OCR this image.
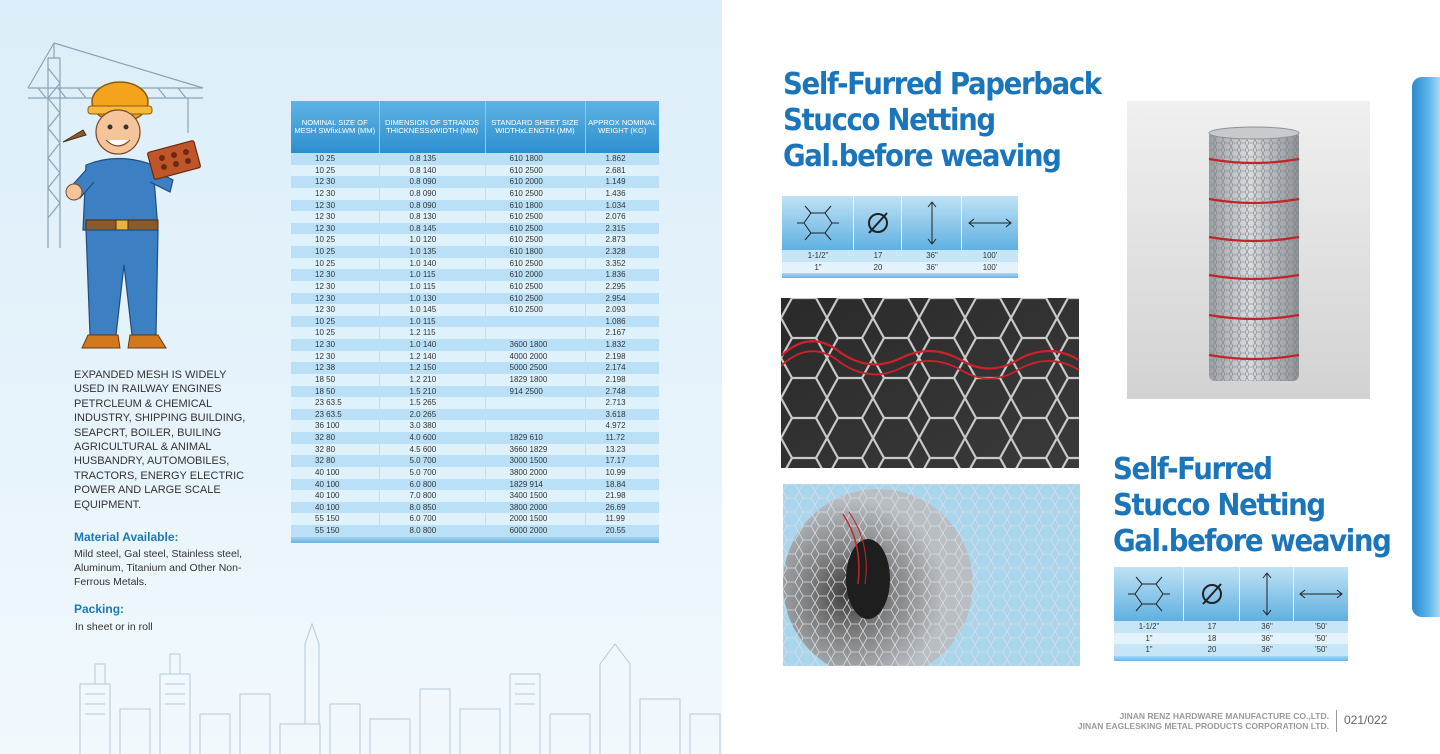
EXPANDED MESH IS WIDELY USED IN RAILWAY ENGINES PETRCLEUM & CHEMICAL INDUSTRY, SHIPPING BUILDING, SEAPCRT, BOILER, BUILING AGRICULTURAL & ANIMAL HUSBANDRY, AUTOMOBILES, TRACTORS, ENERGY ELECTRIC POWER AND LARGE SCALE EQUIPMENT.
Material Available:
Mild steel, Gal steel, Stainless steel, Aluminum, Titanium and Other Non-Ferrous Metals.
Packing:
In sheet or in roll
NOMINAL SIZE OF MESH SWfixLWM (MM)	DIMENSION OF STRANDS THICKNESSxWIDTH (MM)	STANDARD SHEET SIZE WIDTHxLENGTH (MM)	APPROX NOMINAL WEIGHT (KG)
10 25	0.8 135	610 1800	1.862
10 25	0.8 140	610 2500	2.681
12 30	0.8 090	610 2000	1.149
12 30	0.8 090	610 2500	1.436
12 30	0.8 090	610 1800	1.034
12 30	0.8 130	610 2500	2.076
12 30	0.8 145	610 2500	2.315
10 25	1.0 120	610 2500	2.873
10 25	1.0 135	610 1800	2.328
10 25	1.0 140	610 2500	3.352
12 30	1.0 115	610 2000	1.836
12 30	1.0 115	610 2500	2.295
12 30	1.0 130	610 2500	2.954
12 30	1.0 145	610 2500	2.093
10 25	1.0 115		1.086
10 25	1.2 115		2.167
12 30	1.0 140	3600 1800	1.832
12 30	1.2 140	4000 2000	2.198
12 38	1.2 150	5000 2500	2.174
18 50	1.2 210	1829 1800	2.198
18 50	1.5 210	914 2500	2.748
23 63.5	1.5 265		2.713
23 63.5	2.0 265		3.618
36 100	3.0 380		4.972
32 80	4.0 600	1829 610	11.72
32 80	4.5 600	3660 1829	13.23
32 80	5.0 700	3000 1500	17.17
40 100	5.0 700	3800 2000	10.99
40 100	6.0 800	1829 914	18.84
40 100	7.0 800	3400 1500	21.98
40 100	8.0 850	3800 2000	26.69
55 150	6.0 700	2000 1500	11.99
55 150	8.0 800	6000 2000	20.55
Self-Furred Paperback
Stucco Netting
Gal.before weaving
1-1/2"	17	36"	100'
1"	20	36"	100'
Self-Furred
Stucco Netting
Gal.before weaving
1-1/2"	17	36"	'50'
1"	18	36"	'50'
1"	20	36"	'50'
JINAN RENZ HARDWARE MANUFACTURE CO.,LTD.
JINAN EAGLESKING METAL PRODUCTS CORPORATION LTD. 021/022
